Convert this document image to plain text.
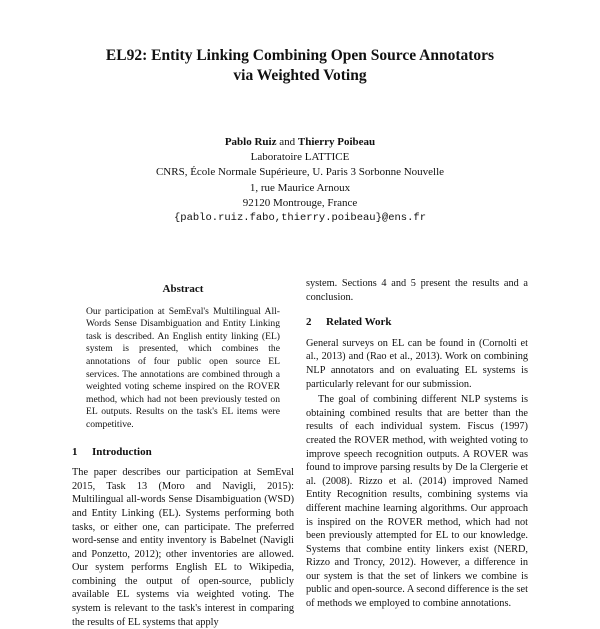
EL92: Entity Linking Combining Open Source Annotators
via Weighted Voting
Pablo Ruiz and Thierry Poibeau
Laboratoire LATTICE
CNRS, École Normale Supérieure, U. Paris 3 Sorbonne Nouvelle
1, rue Maurice Arnoux
92120 Montrouge, France
{pablo.ruiz.fabo,thierry.poibeau}@ens.fr
Abstract
Our participation at SemEval's Multilingual All-Words Sense Disambiguation and Entity Linking task is described. An English entity linking (EL) system is presented, which combines the annotations of four public open source EL services. The annotations are combined through a weighted voting scheme inspired on the ROVER method, which had not been previously tested on EL outputs. Results on the task's EL items were competitive.
1 Introduction

The paper describes our participation at SemEval 2015, Task 13 (Moro and Navigli, 2015): Multilingual all-words Sense Disambiguation (WSD) and Entity Linking (EL). Systems performing both tasks, or either one, can participate. The preferred word-sense and entity inventory is Babelnet (Navigli and Ponzetto, 2012); other inventories are allowed. Our system performs English EL to Wikipedia, combining the output of open-source, publicly available EL systems via weighted voting. The system is relevant to the task's interest in comparing the results of EL systems that apply

system. Sections 4 and 5 present the results and a conclusion.

2 Related Work

General surveys on EL can be found in (Cornolti et al., 2013) and (Rao et al., 2013). Work on combining NLP annotators and on evaluating EL systems is particularly relevant for our submission.

The goal of combining different NLP systems is obtaining combined results that are better than the results of each individual system. Fiscus (1997) created the ROVER method, with weighted voting to improve speech recognition outputs. A ROVER was found to improve parsing results by De la Clergerie et al. (2008). Rizzo et al. (2014) improved Named Entity Recognition results, combining systems via different machine learning algorithms. Our approach is inspired on the ROVER method, which had not been previously attempted for EL to our knowledge. Systems that combine entity linkers exist (NERD, Rizzo and Troncy, 2012). However, a difference in our system is that the set of linkers we combine is public and open-source. A second difference is the set of methods we employed to combine annotations.
